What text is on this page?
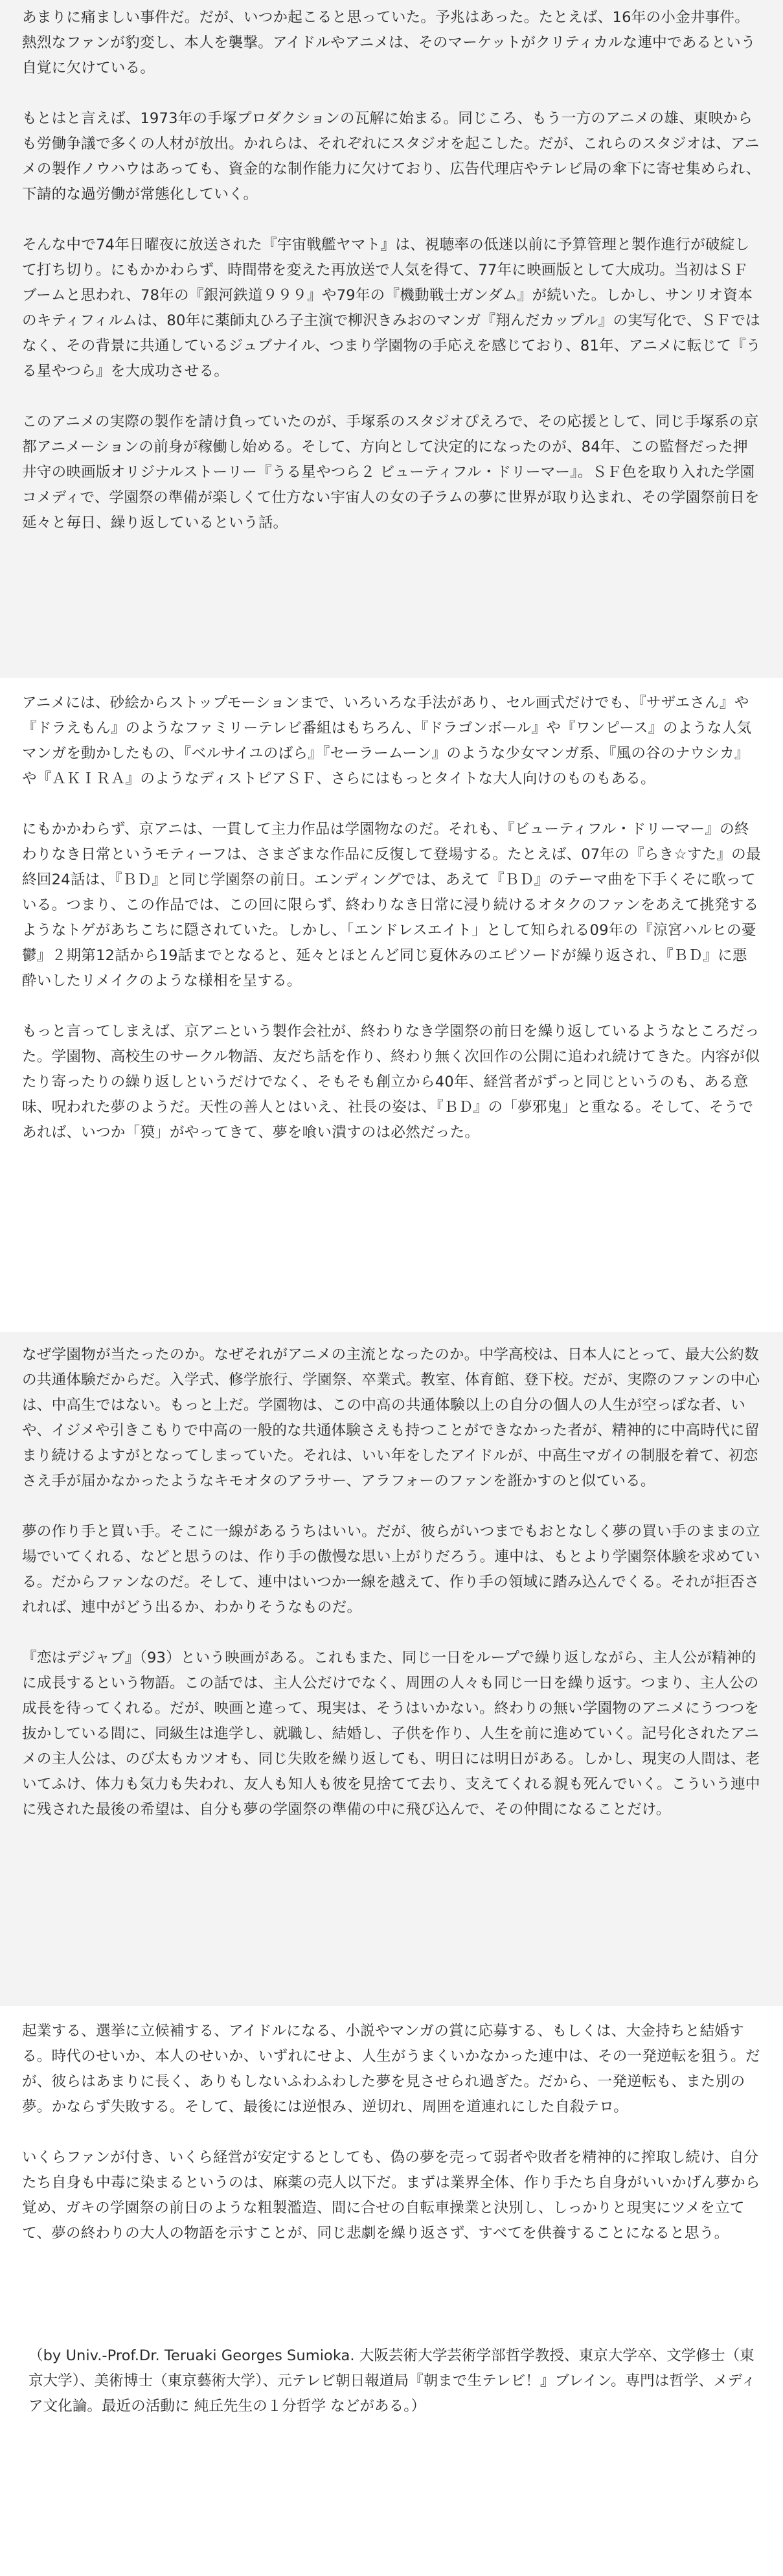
あまりに痛ましい事件だ。だが、いつか起こると思っていた。予兆はあった。たとえば、16年の小金井事件。熱烈なファンが豹変し、本人を襲撃。アイドルやアニメは、そのマーケットがクリティカルな連中であるという自覚に欠けている。

もとはと言えば、1973年の手塚プロダクションの瓦解に始まる。同じころ、もう一方のアニメの雄、東映からも労働争議で多くの人材が放出。かれらは、それぞれにスタジオを起こした。だが、これらのスタジオは、アニメの製作ノウハウはあっても、資金的な制作能力に欠けており、広告代理店やテレビ局の傘下に寄せ集められ、下請的な過労働が常態化していく。

そんな中で74年日曜夜に放送された『宇宙戦艦ヤマト』は、視聴率の低迷以前に予算管理と製作進行が破綻して打ち切り。にもかかわらず、時間帯を変えた再放送で人気を得て、77年に映画版として大成功。当初はＳＦブームと思われ、78年の『銀河鉄道９９９』や79年の『機動戦士ガンダム』が続いた。しかし、サンリオ資本のキティフィルムは、80年に薬師丸ひろ子主演で柳沢きみおのマンガ『翔んだカップル』の実写化で、ＳＦではなく、その背景に共通しているジュブナイル、つまり学園物の手応えを感じており、81年、アニメに転じて『うる星やつら』を大成功させる。

このアニメの実際の製作を請け負っていたのが、手塚系のスタジオぴえろで、その応援として、同じ手塚系の京都アニメーションの前身が稼働し始める。そして、方向として決定的になったのが、84年、この監督だった押井守の映画版オリジナルストーリー『うる星やつら２ ビューティフル・ドリーマー』。ＳＦ色を取り入れた学園コメディで、学園祭の準備が楽しくて仕方ない宇宙人の女の子ラムの夢に世界が取り込まれ、その学園祭前日を延々と毎日、繰り返しているという話。

アニメには、砂絵からストップモーションまで、いろいろな手法があり、セル画式だけでも、『サザエさん』や『ドラえもん』のようなファミリーテレビ番組はもちろん、『ドラゴンボール』や『ワンピース』のような人気マンガを動かしたもの、『ベルサイユのばら』『セーラームーン』のような少女マンガ系、『風の谷のナウシカ』や『ＡＫＩＲＡ』のようなディストピアＳＦ、さらにはもっとタイトな大人向けのものもある。

にもかかわらず、京アニは、一貫して主力作品は学園物なのだ。それも、『ビューティフル・ドリーマー』の終わりなき日常というモティーフは、さまざまな作品に反復して登場する。たとえば、07年の『らき☆すた』の最終回24話は、『ＢＤ』と同じ学園祭の前日。エンディングでは、あえて『ＢＤ』のテーマ曲を下手くそに歌っている。つまり、この作品では、この回に限らず、終わりなき日常に浸り続けるオタクのファンをあえて挑発するようなトゲがあちこちに隠されていた。しかし、「エンドレスエイト」として知られる09年の『涼宮ハルヒの憂鬱』２期第12話から19話までとなると、延々とほとんど同じ夏休みのエピソードが繰り返され、『ＢＤ』に悪酔いしたリメイクのような様相を呈する。

もっと言ってしまえば、京アニという製作会社が、終わりなき学園祭の前日を繰り返しているようなところだった。学園物、高校生のサークル物語、友だち話を作り、終わり無く次回作の公開に追われ続けてきた。内容が似たり寄ったりの繰り返しというだけでなく、そもそも創立から40年、経営者がずっと同じというのも、ある意味、呪われた夢のようだ。天性の善人とはいえ、社長の姿は、『ＢＤ』の「夢邪鬼」と重なる。そして、そうであれば、いつか「獏」がやってきて、夢を喰い潰すのは必然だった。

なぜ学園物が当たったのか。なぜそれがアニメの主流となったのか。中学高校は、日本人にとって、最大公約数の共通体験だからだ。入学式、修学旅行、学園祭、卒業式。教室、体育館、登下校。だが、実際のファンの中心は、中高生ではない。もっと上だ。学園物は、この中高の共通体験以上の自分の個人の人生が空っぽな者、いや、イジメや引きこもりで中高の一般的な共通体験さえも持つことができなかった者が、精神的に中高時代に留まり続けるよすがとなってしまっていた。それは、いい年をしたアイドルが、中高生マガイの制服を着て、初恋さえ手が届かなかったようなキモオタのアラサー、アラフォーのファンを誑かすのと似ている。

夢の作り手と買い手。そこに一線があるうちはいい。だが、彼らがいつまでもおとなしく夢の買い手のままの立場でいてくれる、などと思うのは、作り手の傲慢な思い上がりだろう。連中は、もとより学園祭体験を求めている。だからファンなのだ。そして、連中はいつか一線を越えて、作り手の領域に踏み込んでくる。それが拒否されれば、連中がどう出るか、わかりそうなものだ。

『恋はデジャブ』（93）という映画がある。これもまた、同じ一日をループで繰り返しながら、主人公が精神的に成長するという物語。この話では、主人公だけでなく、周囲の人々も同じ一日を繰り返す。つまり、主人公の成長を待ってくれる。だが、映画と違って、現実は、そうはいかない。終わりの無い学園物のアニメにうつつを抜かしている間に、同級生は進学し、就職し、結婚し、子供を作り、人生を前に進めていく。記号化されたアニメの主人公は、のび太もカツオも、同じ失敗を繰り返しても、明日には明日がある。しかし、現実の人間は、老いてふけ、体力も気力も失われ、友人も知人も彼を見捨てて去り、支えてくれる親も死んでいく。こういう連中に残された最後の希望は、自分も夢の学園祭の準備の中に飛び込んで、その仲間になることだけ。

起業する、選挙に立候補する、アイドルになる、小説やマンガの賞に応募する、もしくは、大金持ちと結婚する。時代のせいか、本人のせいか、いずれにせよ、人生がうまくいかなかった連中は、その一発逆転を狙う。だが、彼らはあまりに長く、ありもしないふわふわした夢を見させられ過ぎた。だから、一発逆転も、また別の夢。かならず失敗する。そして、最後には逆恨み、逆切れ、周囲を道連れにした自殺テロ。

いくらファンが付き、いくら経営が安定するとしても、偽の夢を売って弱者や敗者を精神的に搾取し続け、自分たち自身も中毒に染まるというのは、麻薬の売人以下だ。まずは業界全体、作り手たち自身がいいかげん夢から覚め、ガキの学園祭の前日のような粗製濫造、間に合せの自転車操業と決別し、しっかりと現実にツメを立てて、夢の終わりの大人の物語を示すことが、同じ悲劇を繰り返さず、すべてを供養することになると思う。

（by Univ.-Prof.Dr. Teruaki Georges Sumioka. 大阪芸術大学芸術学部哲学教授、東京大学卒、文学修士（東京大学）、美術博士（東京藝術大学）、元テレビ朝日報道局『朝まで生テレビ！』ブレイン。専門は哲学、メディア文化論。最近の活動に 純丘先生の１分哲学 などがある。）
